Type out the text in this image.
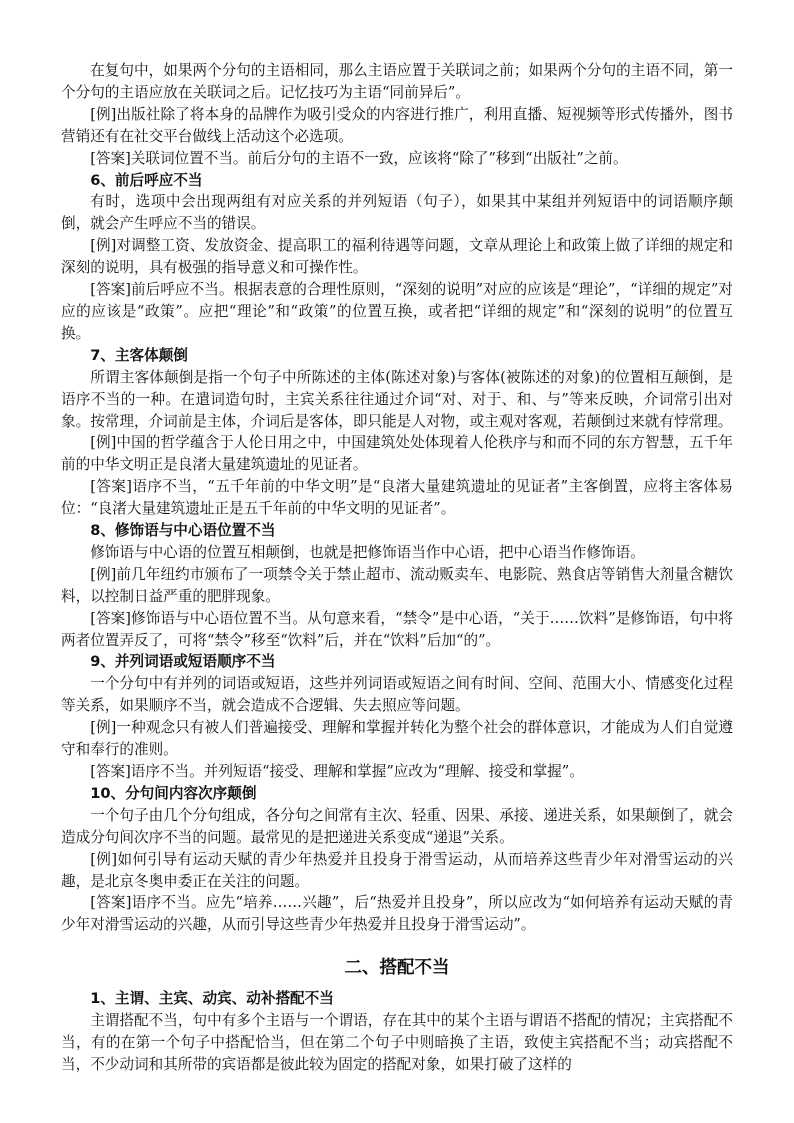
在复句中，如果两个分句的主语相同，那么主语应置于关联词之前；如果两个分句的主语不同，第一个分句的主语应放在关联词之后。记忆技巧为主语“同前异后”。

[例]出版社除了将本身的品牌作为吸引受众的内容进行推广，利用直播、短视频等形式传播外，图书营销还有在社交平台做线上活动这个必选项。

[答案]关联词位置不当。前后分句的主语不一致，应该将“除了”移到“出版社”之前。

6、前后呼应不当

有时，选项中会出现两组有对应关系的并列短语（句子），如果其中某组并列短语中的词语顺序颠倒，就会产生呼应不当的错误。

[例]对调整工资、发放资金、提高职工的福利待遇等问题，文章从理论上和政策上做了详细的规定和深刻的说明，具有极强的指导意义和可操作性。

[答案]前后呼应不当。根据表意的合理性原则，“深刻的说明”对应的应该是“理论”，“详细的规定”对应的应该是“政策”。应把“理论”和“政策”的位置互换，或者把“详细的规定”和“深刻的说明”的位置互换。

7、主客体颠倒

所谓主客体颠倒是指一个句子中所陈述的主体(陈述对象)与客体(被陈述的对象)的位置相互颠倒，是语序不当的一种。在遣词造句时，主宾关系往往通过介词“对、对于、和、与”等来反映，介词常引出对象。按常理，介词前是主体，介词后是客体，即只能是人对物，或主观对客观，若颠倒过来就有悖常理。

[例]中国的哲学蕴含于人伦日用之中，中国建筑处处体现着人伦秩序与和而不同的东方智慧，五千年前的中华文明正是良渚大量建筑遗址的见证者。

[答案]语序不当，“五千年前的中华文明”是“良渚大量建筑遗址的见证者”主客倒置，应将主客体易位：“良渚大量建筑遗址正是五千年前的中华文明的见证者”。

8、修饰语与中心语位置不当

修饰语与中心语的位置互相颠倒，也就是把修饰语当作中心语，把中心语当作修饰语。

[例]前几年纽约市颁布了一项禁令关于禁止超市、流动贩卖车、电影院、熟食店等销售大剂量含糖饮料，以控制日益严重的肥胖现象。

[答案]修饰语与中心语位置不当。从句意来看，“禁令”是中心语，“关于……饮料”是修饰语，句中将两者位置弄反了，可将“禁令”移至“饮料”后，并在“饮料”后加“的”。

9、并列词语或短语顺序不当

一个分句中有并列的词语或短语，这些并列词语或短语之间有时间、空间、范围大小、情感变化过程等关系，如果顺序不当，就会造成不合逻辑、失去照应等问题。

[例]一种观念只有被人们普遍接受、理解和掌握并转化为整个社会的群体意识，才能成为人们自觉遵守和奉行的准则。

[答案]语序不当。并列短语“接受、理解和掌握”应改为“理解、接受和掌握”。

10、分句间内容次序颠倒

一个句子由几个分句组成，各分句之间常有主次、轻重、因果、承接、递进关系，如果颠倒了，就会造成分句间次序不当的问题。最常见的是把递进关系变成“递退”关系。

[例]如何引导有运动天赋的青少年热爱并且投身于滑雪运动，从而培养这些青少年对滑雪运动的兴趣，是北京冬奥申委正在关注的问题。

[答案]语序不当。应先“培养……兴趣”，后“热爱并且投身”，所以应改为“如何培养有运动天赋的青少年对滑雪运动的兴趣，从而引导这些青少年热爱并且投身于滑雪运动”。

二、搭配不当

1、主谓、主宾、动宾、动补搭配不当

主谓搭配不当，句中有多个主语与一个谓语，存在其中的某个主语与谓语不搭配的情况；主宾搭配不当，有的在第一个句子中搭配恰当，但在第二个句子中则暗换了主语，致使主宾搭配不当；动宾搭配不当，不少动词和其所带的宾语都是彼此较为固定的搭配对象，如果打破了这样的
